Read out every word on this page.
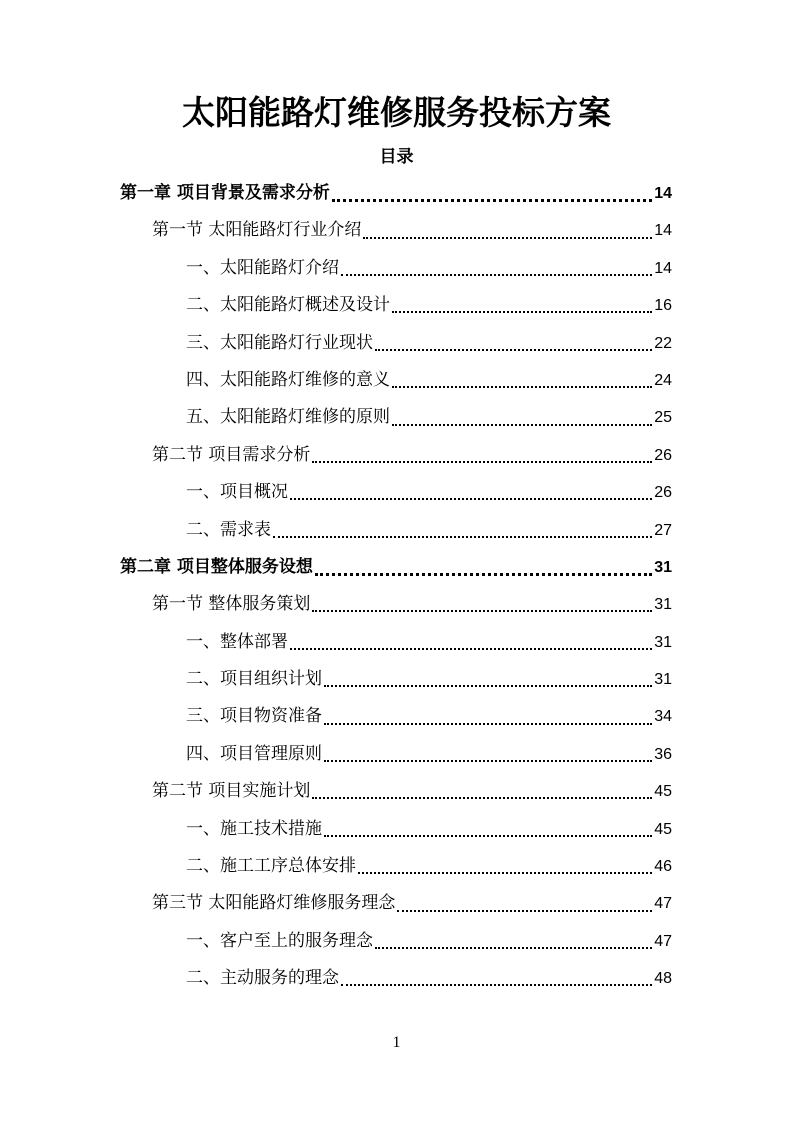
太阳能路灯维修服务投标方案
目录
第一章 项目背景及需求分析	14
第一节 太阳能路灯行业介绍	14
一、太阳能路灯介绍	14
二、太阳能路灯概述及设计	16
三、太阳能路灯行业现状	22
四、太阳能路灯维修的意义	24
五、太阳能路灯维修的原则	25
第二节 项目需求分析	26
一、项目概况	26
二、需求表	27
第二章 项目整体服务设想	31
第一节 整体服务策划	31
一、整体部署	31
二、项目组织计划	31
三、项目物资准备	34
四、项目管理原则	36
第二节 项目实施计划	45
一、施工技术措施	45
二、施工工序总体安排	46
第三节 太阳能路灯维修服务理念	47
一、客户至上的服务理念	47
二、主动服务的理念	48
1
